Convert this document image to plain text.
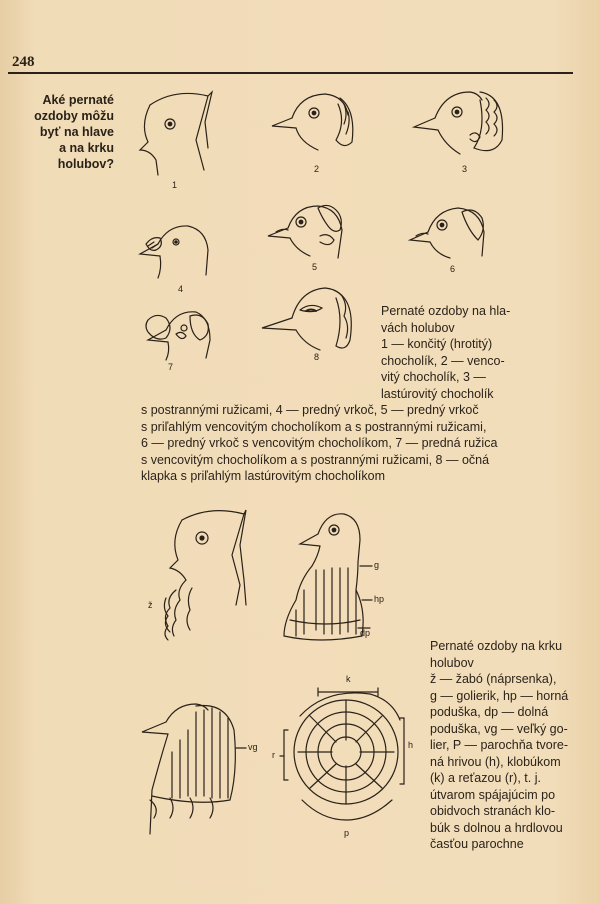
248
Aké pernaté
ozdoby môžu
byť na hlave
a na krku
holubov?
1
2	3
4
5	6
7
8
ž
g
hp
dp
vg
k
h
r
p
Pernaté ozdoby na hla-
vách holubov
1 — končitý (hrotitý)
chocholík, 2 — venco-
vitý chocholík, 3 —
lastúrovitý chocholík
s postrannými ružicami, 4 — predný vrkoč, 5 — predný vrkoč
s priľahlým vencovitým chocholíkom a s postrannými ružicami,
6 — predný vrkoč s vencovitým chocholíkom, 7 — predná ružica
s vencovitým chocholíkom a s postrannými ružicami, 8 — očná
klapka s priľahlým lastúrovitým chocholíkom
Pernaté ozdoby na krku
holubov
ž — žabó (náprsenka),
g — golierik, hp — horná
poduška, dp — dolná
poduška, vg — veľký go-
lier, P — parochňa tvore-
ná hrivou (h), klobúkom
(k) a reťazou (r), t. j.
útvarom spájajúcim po
obidvoch stranách klo-
búk s dolnou a hrdlovou
časťou parochne
